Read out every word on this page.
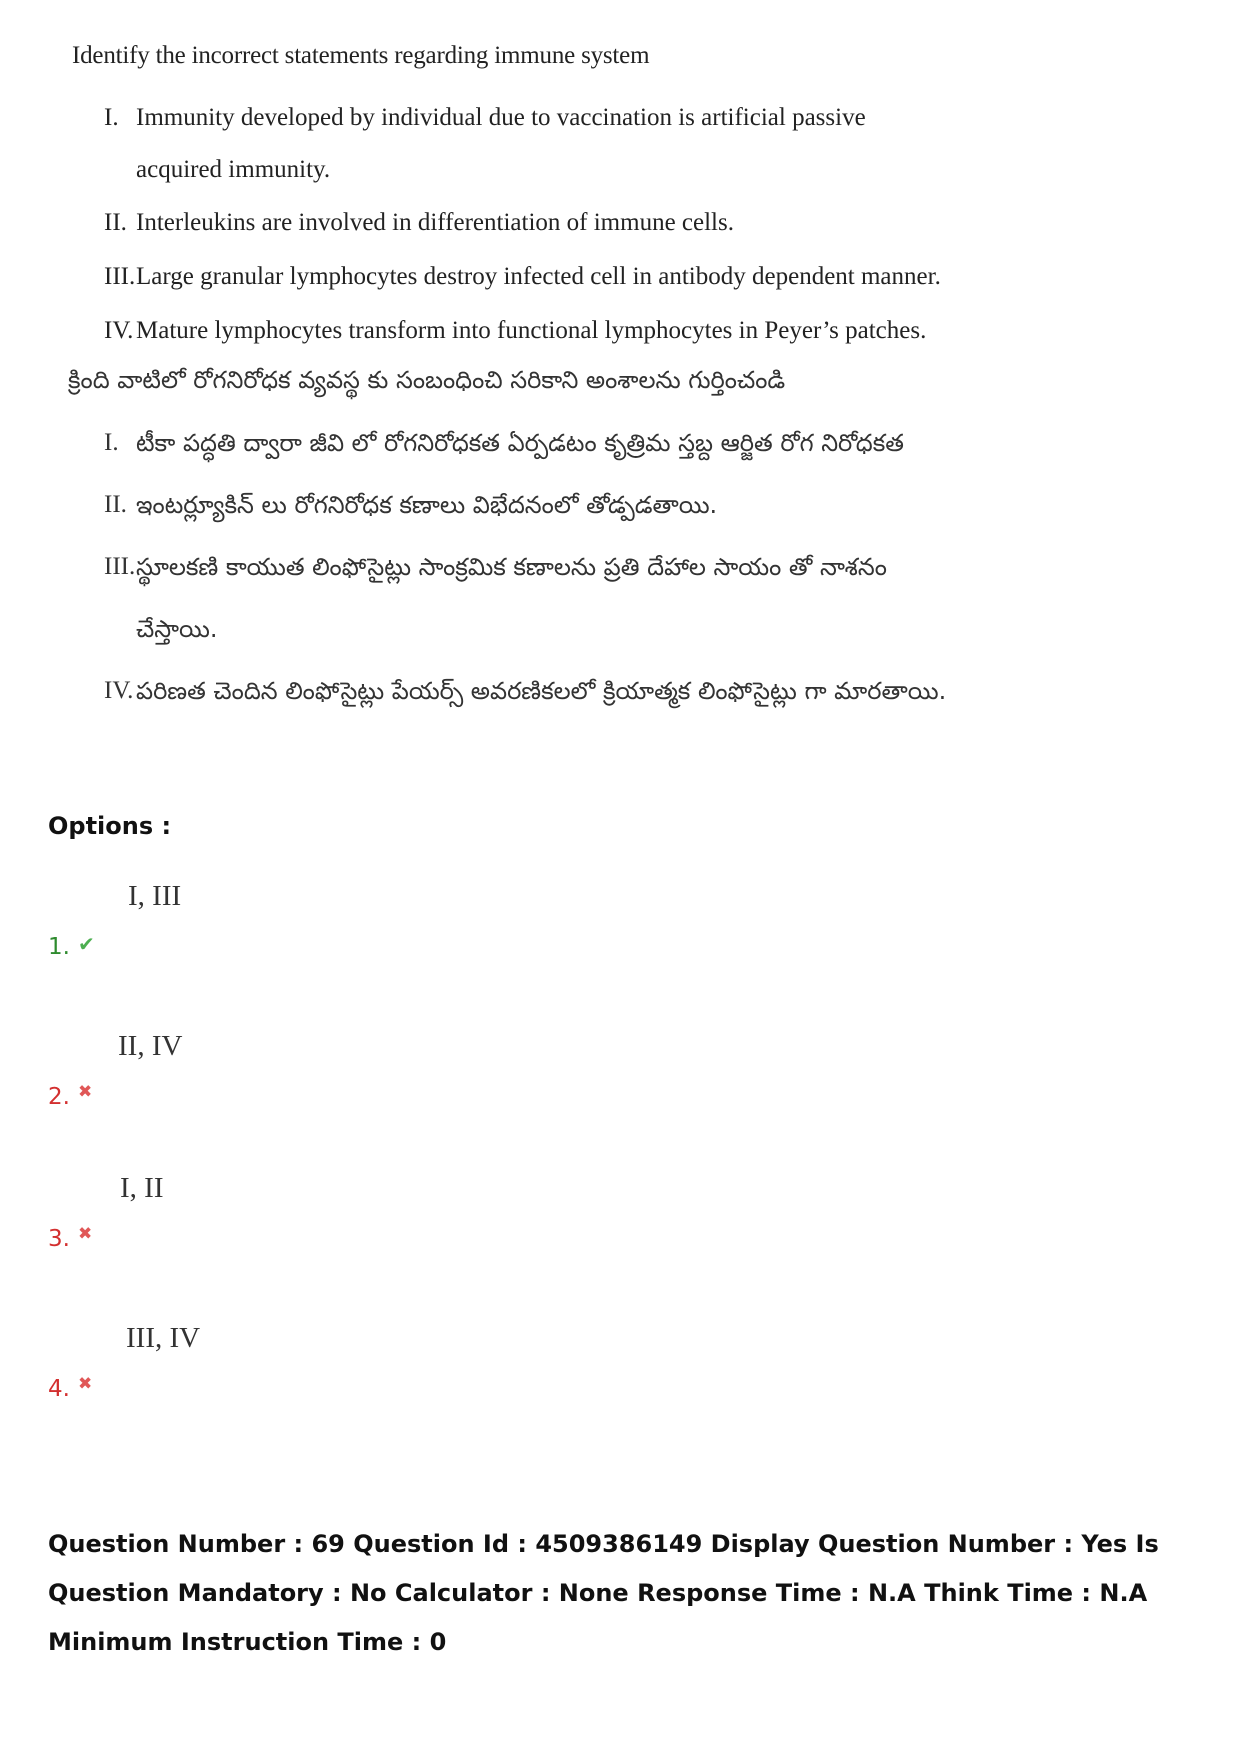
Identify the incorrect statements regarding immune system
I. Immunity developed by individual due to vaccination is artificial passive acquired immunity.
II. Interleukins are involved in differentiation of immune cells.
III. Large granular lymphocytes destroy infected cell in antibody dependent manner.
IV. Mature lymphocytes transform into functional lymphocytes in Peyer’s patches.
క్రింది వాటిలో రోగనిరోధక వ్యవస్థ కు సంబంధించి సరికాని అంశాలను గుర్తించండి
I. టీకా పద్ధతి ద్వారా జీవి లో రోగనిరోధకత ఏర్పడటం కృత్రిమ స్తబ్ద ఆర్జిత రోగ నిరోధకత
II. ఇంటర్ల్యూకిన్ లు రోగనిరోధక కణాలు విభేదనంలో తోడ్పడతాయి.
III. స్థూలకణి కాయుత లింఫోసైట్లు సాంక్రమిక కణాలను ప్రతి దేహాల సాయం తో నాశనం చేస్తాయి.
IV. పరిణత చెందిన లింఫోసైట్లు పేయర్స్ అవరణికలలో క్రియాత్మక లింఫోసైట్లు గా మారతాయి.
Options :
1. ✔
I, III
2. ✖
II, IV
3. ✖
I, II
4. ✖
III, IV
Question Number : 69 Question Id : 4509386149 Display Question Number : Yes Is Question Mandatory : No Calculator : None Response Time : N.A Think Time : N.A Minimum Instruction Time : 0
